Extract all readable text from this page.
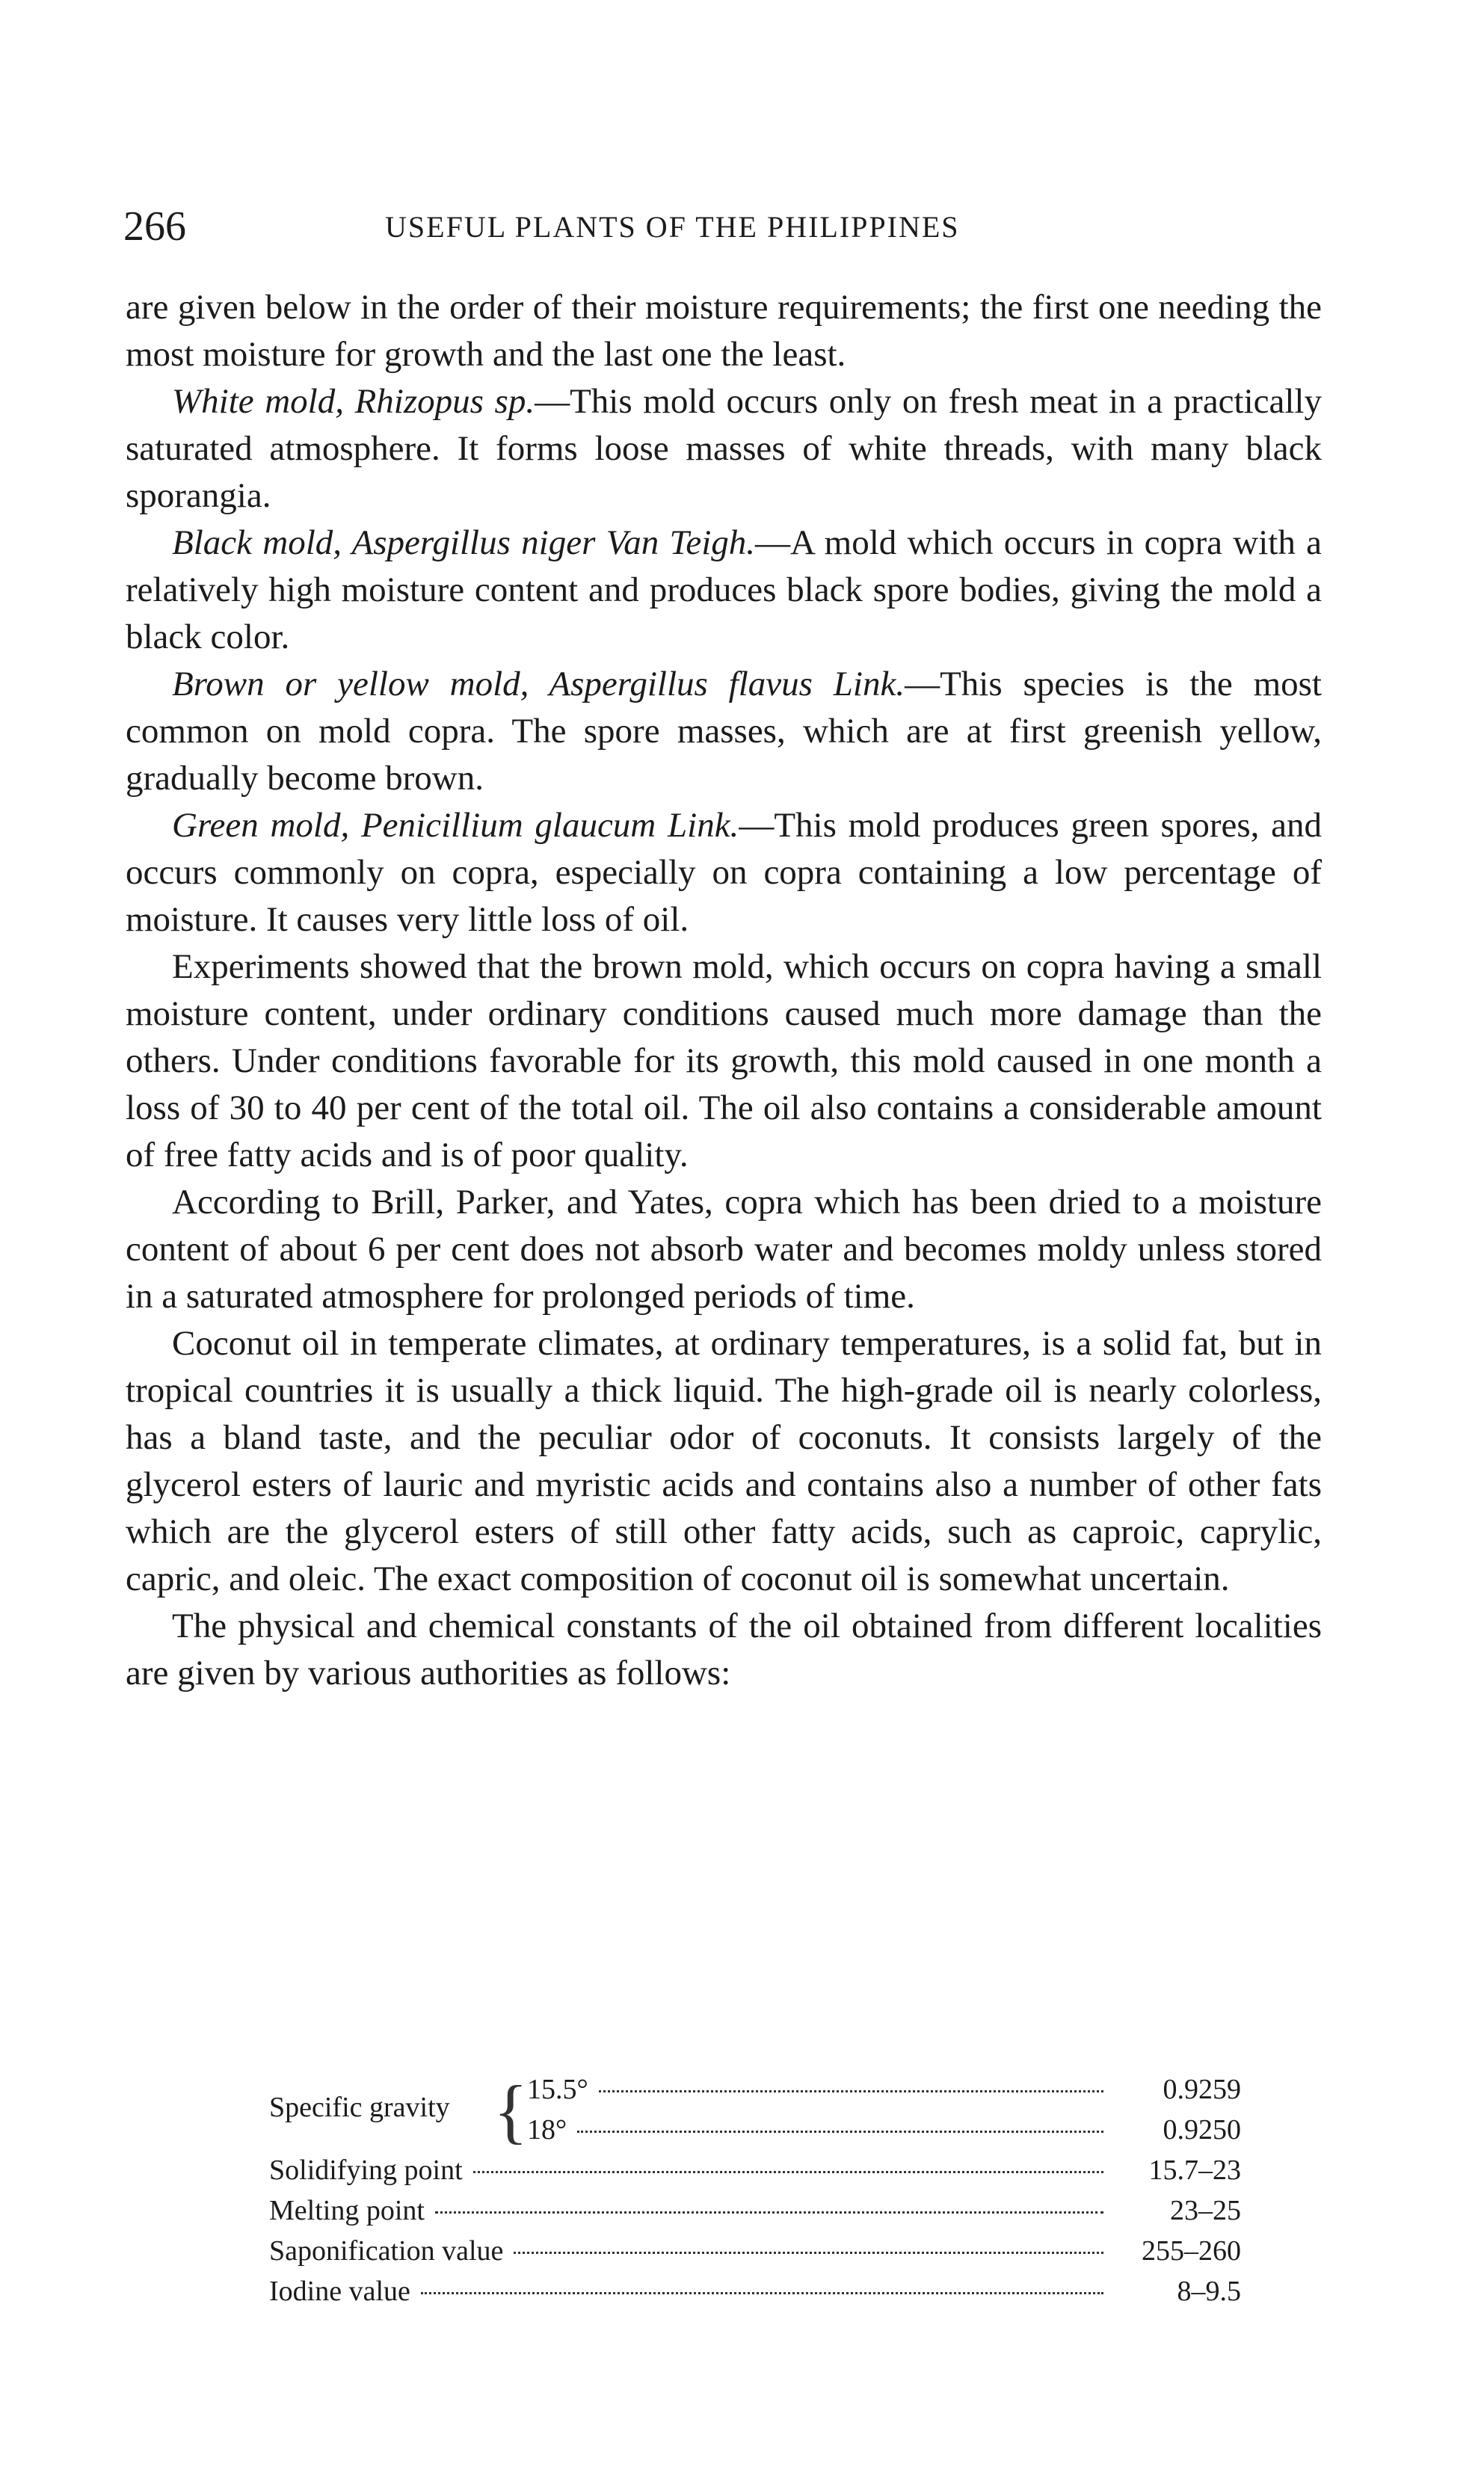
266	USEFUL PLANTS OF THE PHILIPPINES

are given below in the order of their moisture requirements; the first one needing the most moisture for growth and the last one the least.

White mold, Rhizopus sp.—This mold occurs only on fresh meat in a practically saturated atmosphere. It forms loose masses of white threads, with many black sporangia.

Black mold, Aspergillus niger Van Teigh.—A mold which occurs in copra with a relatively high moisture content and produces black spore bodies, giving the mold a black color.

Brown or yellow mold, Aspergillus flavus Link.—This species is the most common on mold copra. The spore masses, which are at first greenish yellow, gradually become brown.

Green mold, Penicillium glaucum Link.—This mold produces green spores, and occurs commonly on copra, especially on copra containing a low percentage of moisture. It causes very little loss of oil.

Experiments showed that the brown mold, which occurs on copra having a small moisture content, under ordinary conditions caused much more damage than the others. Under conditions favorable for its growth, this mold caused in one month a loss of 30 to 40 per cent of the total oil. The oil also contains a considerable amount of free fatty acids and is of poor quality.

According to Brill, Parker, and Yates, copra which has been dried to a moisture content of about 6 per cent does not absorb water and becomes moldy unless stored in a saturated atmosphere for prolonged periods of time.

Coconut oil in temperate climates, at ordinary temperatures, is a solid fat, but in tropical countries it is usually a thick liquid. The high-grade oil is nearly colorless, has a bland taste, and the peculiar odor of coconuts. It consists largely of the glycerol esters of lauric and myristic acids and contains also a number of other fats which are the glycerol esters of still other fatty acids, such as caproic, caprylic, capric, and oleic. The exact composition of coconut oil is somewhat uncertain.

The physical and chemical constants of the oil obtained from different localities are given by various authorities as follows:

Specific gravity {
15.5°	0.9259
18°	0.9250
Solidifying point	15.7–23
Melting point	23–25
Saponification value	255–260
Iodine value	8–9.5
